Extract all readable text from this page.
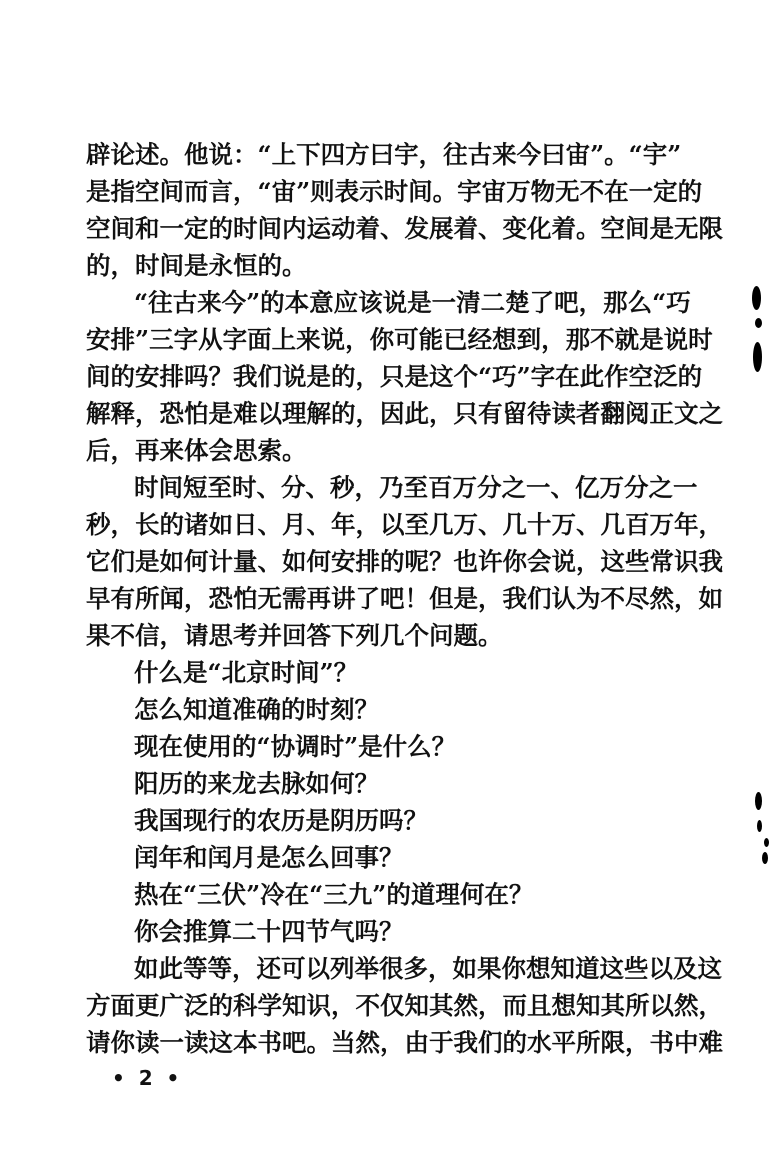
辟论述。他说：“上下四方曰宇，往古来今曰宙”。“宇”
是指空间而言，“宙”则表示时间。宇宙万物无不在一定的
空间和一定的时间内运动着、发展着、变化着。空间是无限
的，时间是永恒的。
“往古来今”的本意应该说是一清二楚了吧，那么“巧
安排”三字从字面上来说，你可能已经想到，那不就是说时
间的安排吗？我们说是的，只是这个“巧”字在此作空泛的
解释，恐怕是难以理解的，因此，只有留待读者翻阅正文之
后，再来体会思索。
时间短至时、分、秒，乃至百万分之一、亿万分之一
秒，长的诸如日、月、年，以至几万、几十万、几百万年，
它们是如何计量、如何安排的呢？也许你会说，这些常识我
早有所闻，恐怕无需再讲了吧！但是，我们认为不尽然，如
果不信，请思考并回答下列几个问题。
什么是“北京时间”？
怎么知道准确的时刻？
现在使用的“协调时”是什么？
阳历的来龙去脉如何？
我国现行的农历是阴历吗？
闰年和闰月是怎么回事？
热在“三伏”冷在“三九”的道理何在？
你会推算二十四节气吗？
如此等等，还可以列举很多，如果你想知道这些以及这
方面更广泛的科学知识，不仅知其然，而且想知其所以然，
请你读一读这本书吧。当然，由于我们的水平所限，书中难
•  2  •
